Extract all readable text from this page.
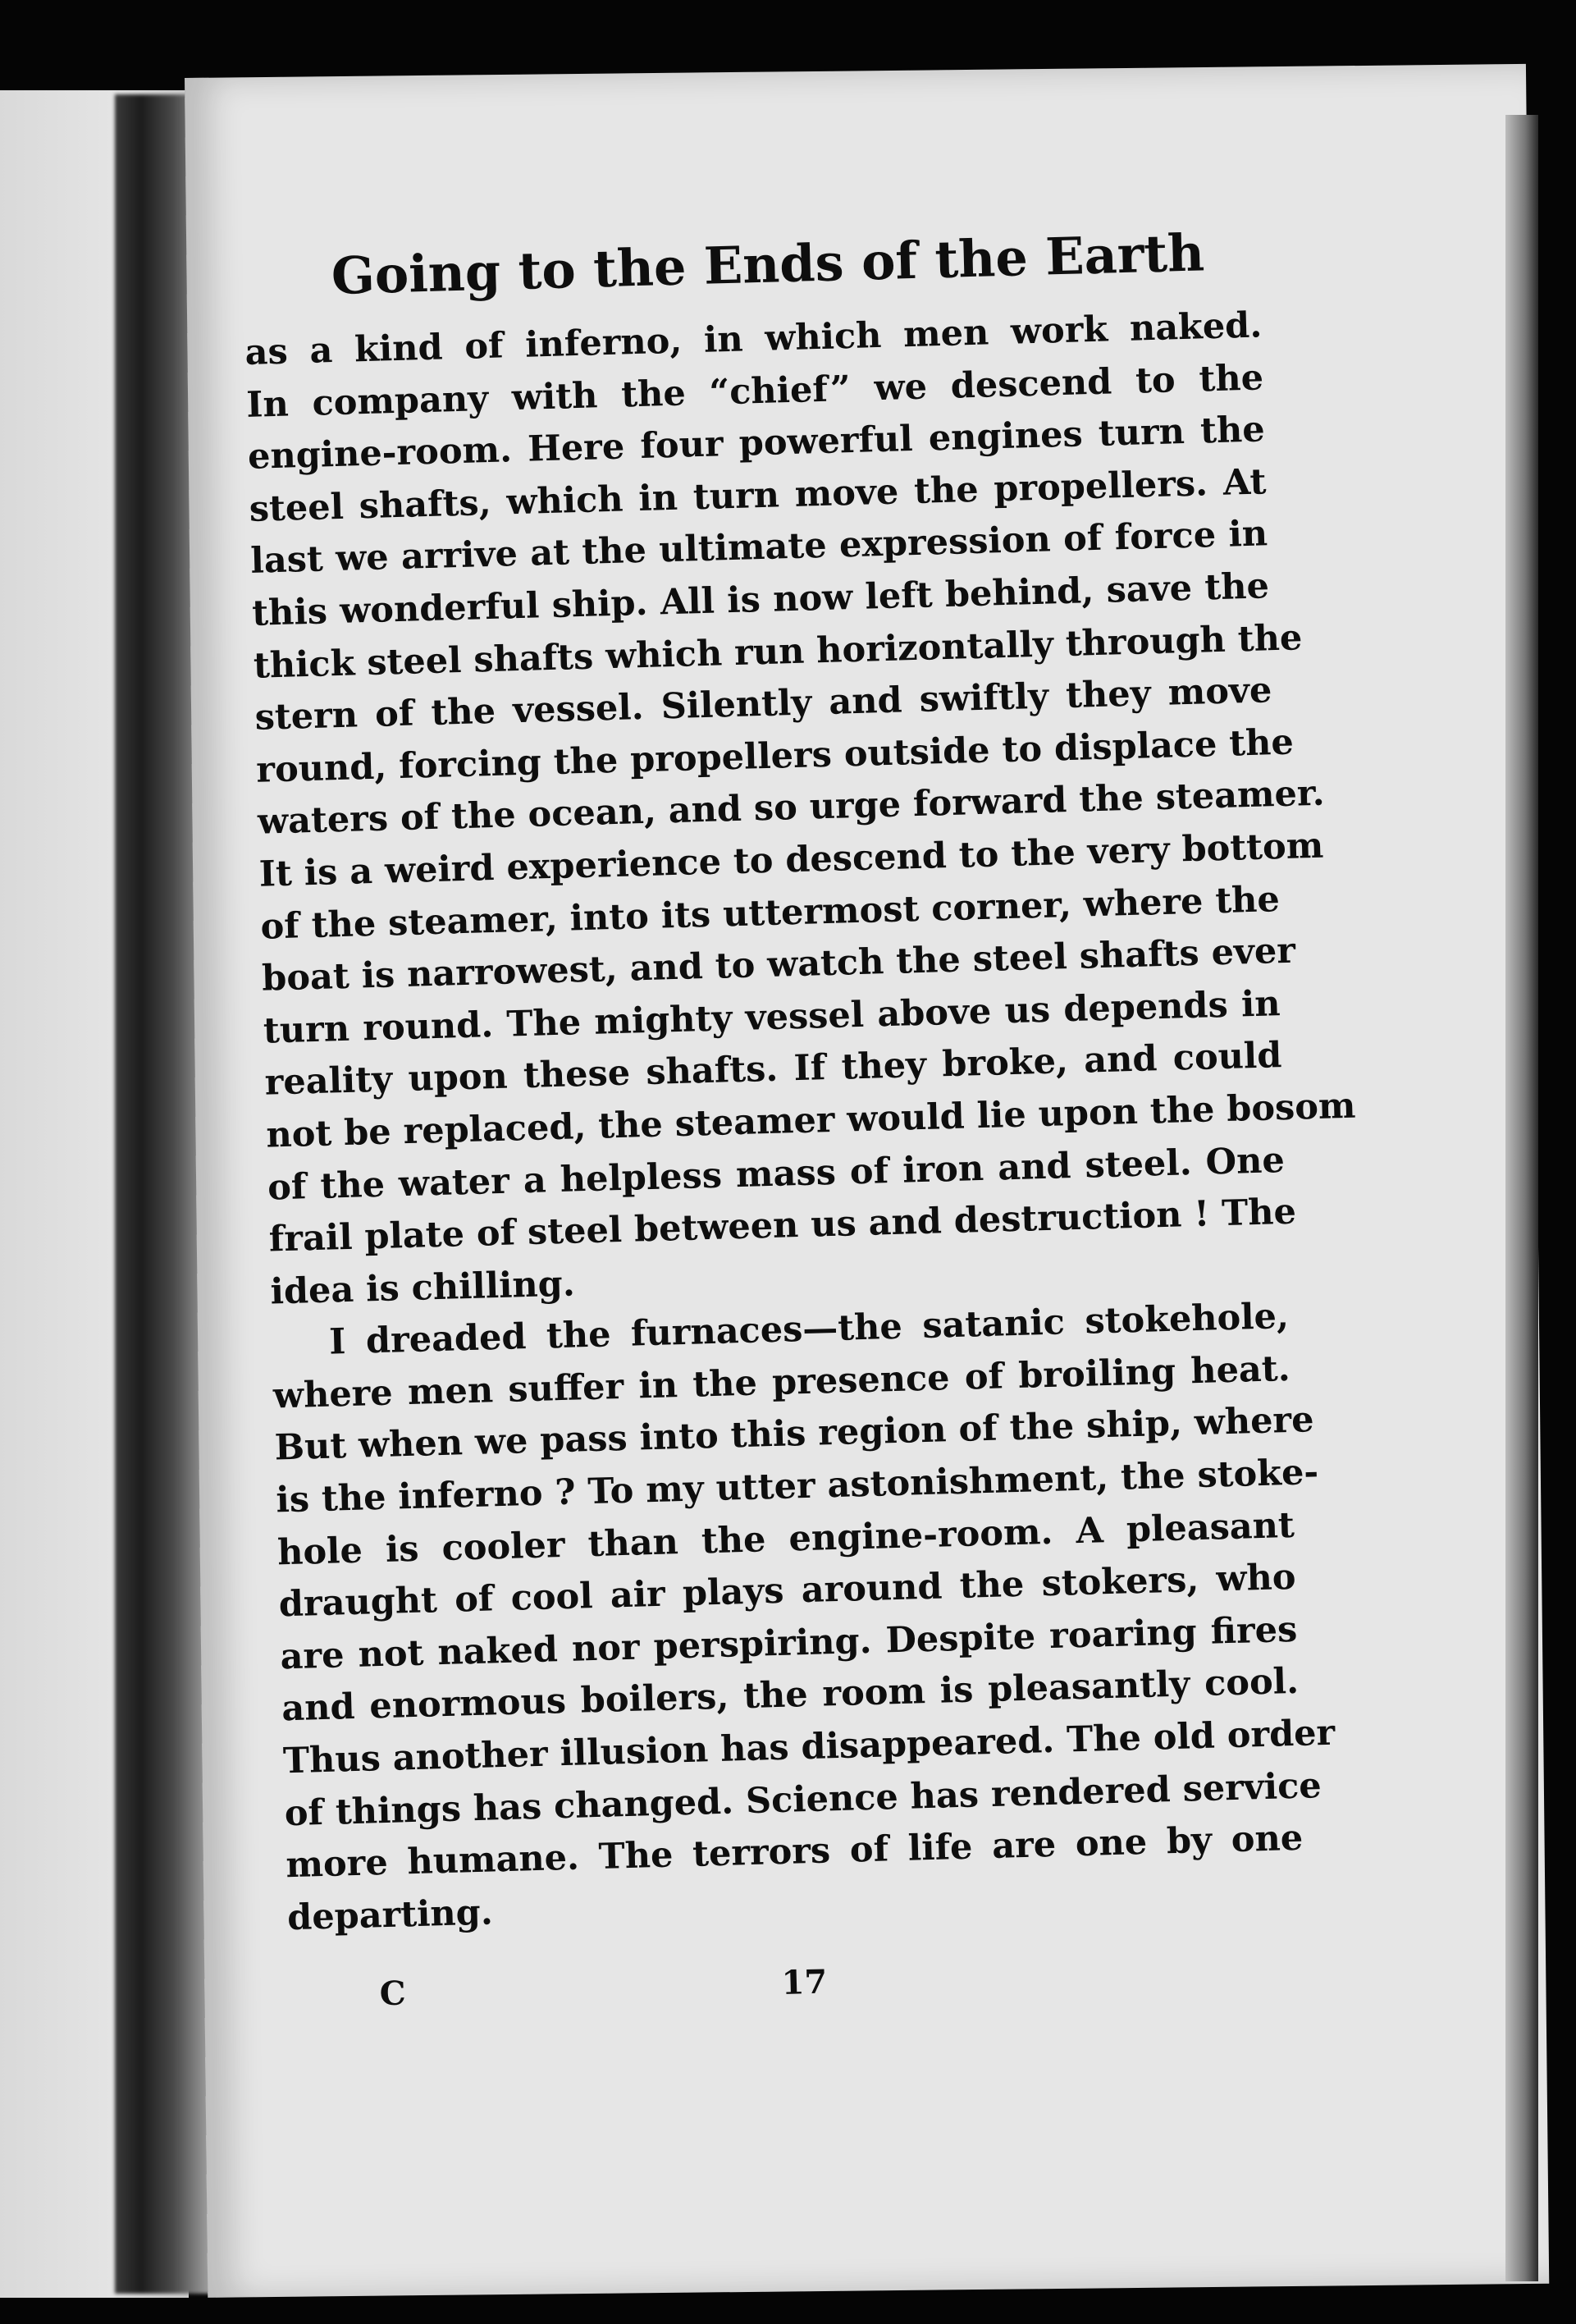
Going to the Ends of the Earth
as a kind of inferno, in which men work naked.
In company with the “chief” we descend to the
engine-room. Here four powerful engines turn the
steel shafts, which in turn move the propellers. At
last we arrive at the ultimate expression of force in
this wonderful ship. All is now left behind, save the
thick steel shafts which run horizontally through the
stern of the vessel. Silently and swiftly they move
round, forcing the propellers outside to displace the
waters of the ocean, and so urge forward the steamer.
It is a weird experience to descend to the very bottom
of the steamer, into its uttermost corner, where the
boat is narrowest, and to watch the steel shafts ever
turn round. The mighty vessel above us depends in
reality upon these shafts. If they broke, and could
not be replaced, the steamer would lie upon the bosom
of the water a helpless mass of iron and steel. One
frail plate of steel between us and destruction ! The
idea is chilling.
I dreaded the furnaces—the satanic stokehole,
where men suffer in the presence of broiling heat.
But when we pass into this region of the ship, where
is the inferno ? To my utter astonishment, the stoke-
hole is cooler than the engine-room. A pleasant
draught of cool air plays around the stokers, who
are not naked nor perspiring. Despite roaring fires
and enormous boilers, the room is pleasantly cool.
Thus another illusion has disappeared. The old order
of things has changed. Science has rendered service
more humane. The terrors of life are one by one
departing.
C	17
